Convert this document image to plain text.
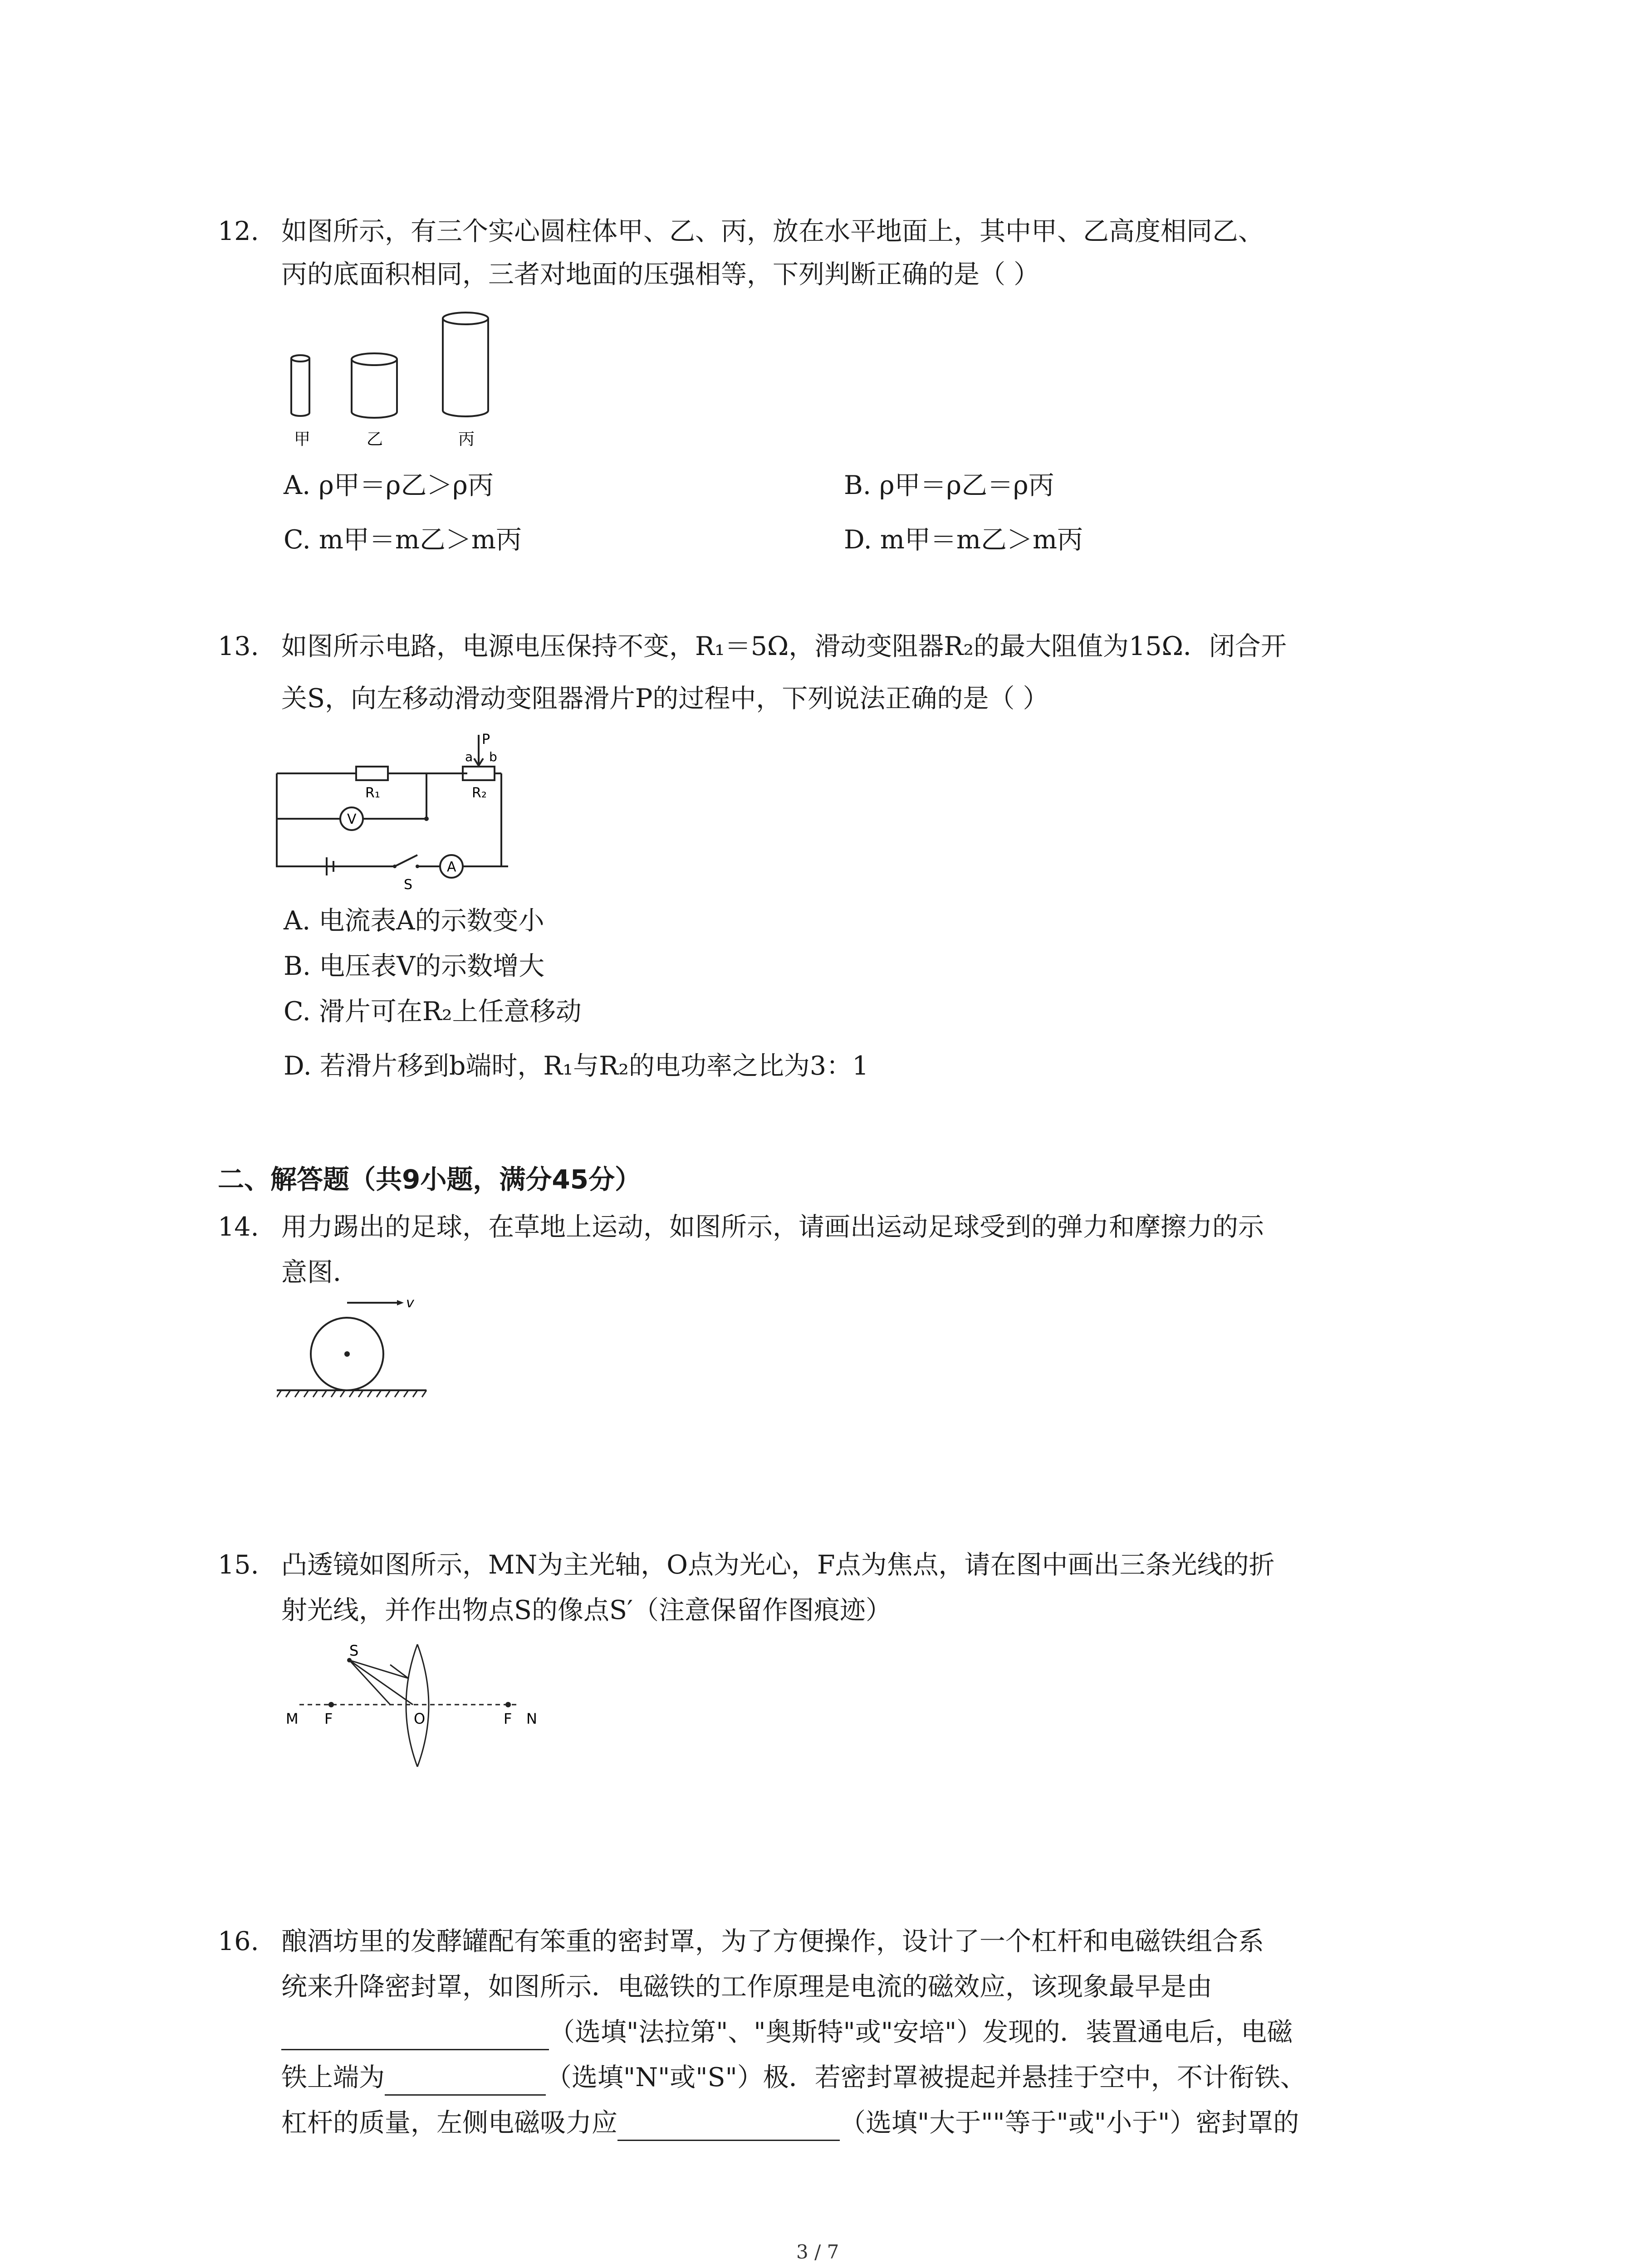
12. 如图所示，有三个实心圆柱体甲、乙、丙，放在水平地面上，其中甲、乙高度相同乙、
丙的底面积相同，三者对地面的压强相等，下列判断正确的是（ ）
甲	乙	丙
A. ρ甲＝ρ乙＞ρ丙	B. ρ甲＝ρ乙＝ρ丙
C. m甲＝m乙＞m丙	D. m甲＝m乙＞m丙
13. 如图所示电路，电源电压保持不变，R₁＝5Ω，滑动变阻器R₂的最大阻值为15Ω．闭合开
关S，向左移动滑动变阻器滑片P的过程中，下列说法正确的是（ ）
P
a b
R₁	R₂
V
A
S
A. 电流表A的示数变小
B. 电压表V的示数增大
C. 滑片可在R₂上任意移动
D. 若滑片移到b端时，R₁与R₂的电功率之比为3：1
二、解答题（共9小题，满分45分）
14. 用力踢出的足球，在草地上运动，如图所示，请画出运动足球受到的弹力和摩擦力的示
意图．
v
15. 凸透镜如图所示，MN为主光轴，O点为光心，F点为焦点，请在图中画出三条光线的折
射光线，并作出物点S的像点S′（注意保留作图痕迹）
S
M F	O	F N
16. 酿酒坊里的发酵罐配有笨重的密封罩，为了方便操作，设计了一个杠杆和电磁铁组合系
统来升降密封罩，如图所示．电磁铁的工作原理是电流的磁效应，该现象最早是由
（选填"法拉第"、"奥斯特"或"安培"）发现的．装置通电后，电磁
铁上端为	（选填"N"或"S"）极．若密封罩被提起并悬挂于空中，不计衔铁、
杠杆的质量，左侧电磁吸力应	（选填"大于""等于"或"小于"）密封罩的
3 / 7
